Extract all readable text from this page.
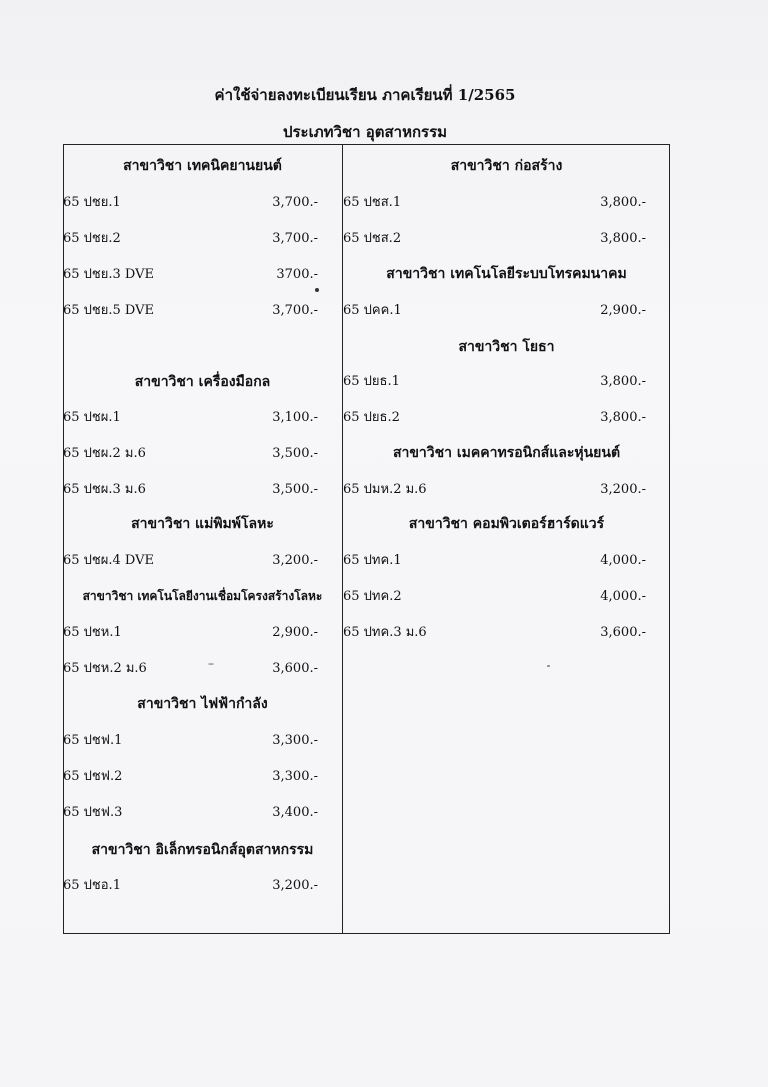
ค่าใช้จ่ายลงทะเบียนเรียน ภาคเรียนที่ 1/2565
ประเภทวิชา อุตสาหกรรม
สาขาวิชา เทคนิคยานยนต์
65 ปชย.1	3,700.-
65 ปชย.2	3,700.-
65 ปชย.3 DVE	3700.-
65 ปชย.5 DVE	3,700.-
สาขาวิชา เครื่องมือกล
65 ปชผ.1	3,100.-
65 ปชผ.2 ม.6	3,500.-
65 ปชผ.3 ม.6	3,500.-
สาขาวิชา แม่พิมพ์โลหะ
65 ปชผ.4 DVE	3,200.-
สาขาวิชา เทคโนโลยีงานเชื่อมโครงสร้างโลหะ
65 ปชห.1	2,900.-
65 ปชห.2 ม.6	3,600.-
สาขาวิชา ไฟฟ้ากำลัง
65 ปชฟ.1	3,300.-
65 ปชฟ.2	3,300.-
65 ปชฟ.3	3,400.-
สาขาวิชา อิเล็กทรอนิกส์อุตสาหกรรม
65 ปชอ.1	3,200.-
สาขาวิชา ก่อสร้าง
65 ปชส.1	3,800.-
65 ปชส.2	3,800.-
สาขาวิชา เทคโนโลยีระบบโทรคมนาคม
65 ปคค.1	2,900.-
สาขาวิชา โยธา
65 ปยธ.1	3,800.-
65 ปยธ.2	3,800.-
สาขาวิชา เมคคาทรอนิกส์และหุ่นยนต์
65 ปมห.2 ม.6	3,200.-
สาขาวิชา คอมพิวเตอร์ฮาร์ดแวร์
65 ปทค.1	4,000.-
65 ปทค.2	4,000.-
65 ปทค.3 ม.6	3,600.-
